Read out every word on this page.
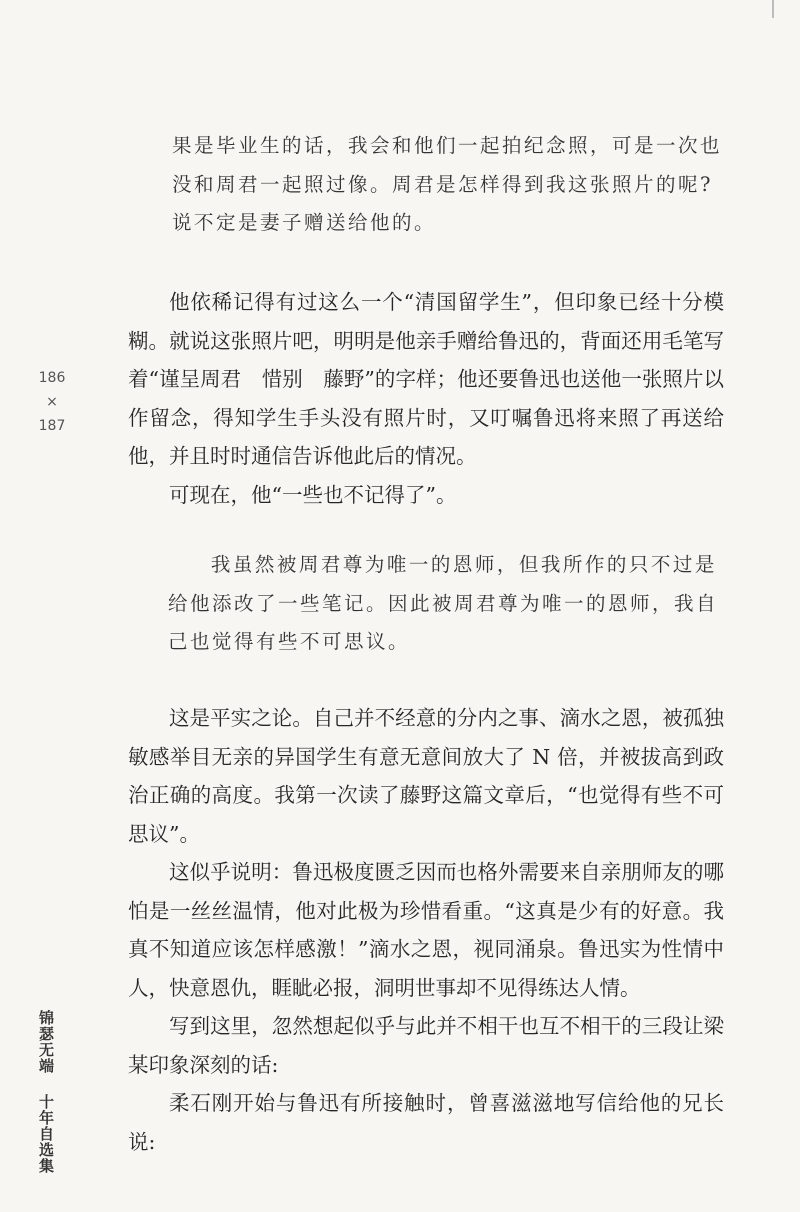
186
×
187
锦瑟无端 十年自选集

果是毕业生的话，我会和他们一起拍纪念照，可是一次也

没和周君一起照过像。周君是怎样得到我这张照片的呢?

说不定是妻子赠送给他的。

他依稀记得有过这么一个“清国留学生”，但印象已经十分模糊。就说这张照片吧，明明是他亲手赠给鲁迅的，背面还用毛笔写着“谨呈周君　惜别　藤野”的字样；他还要鲁迅也送他一张照片以作留念，得知学生手头没有照片时，又叮嘱鲁迅将来照了再送给他，并且时时通信告诉他此后的情况。

可现在，他“一些也不记得了”。

我虽然被周君尊为唯一的恩师，但我所作的只不过是

给他添改了一些笔记。因此被周君尊为唯一的恩师，我自

己也觉得有些不可思议。

这是平实之论。自己并不经意的分内之事、滴水之恩，被孤独敏感举目无亲的异国学生有意无意间放大了 N 倍，并被拔高到政治正确的高度。我第一次读了藤野这篇文章后，“也觉得有些不可思议”。

这似乎说明：鲁迅极度匮乏因而也格外需要来自亲朋师友的哪怕是一丝丝温情，他对此极为珍惜看重。“这真是少有的好意。我真不知道应该怎样感激！”滴水之恩，视同涌泉。鲁迅实为性情中人，快意恩仇，睚眦必报，洞明世事却不见得练达人情。

写到这里，忽然想起似乎与此并不相干也互不相干的三段让梁某印象深刻的话:

柔石刚开始与鲁迅有所接触时，曾喜滋滋地写信给他的兄长说:
